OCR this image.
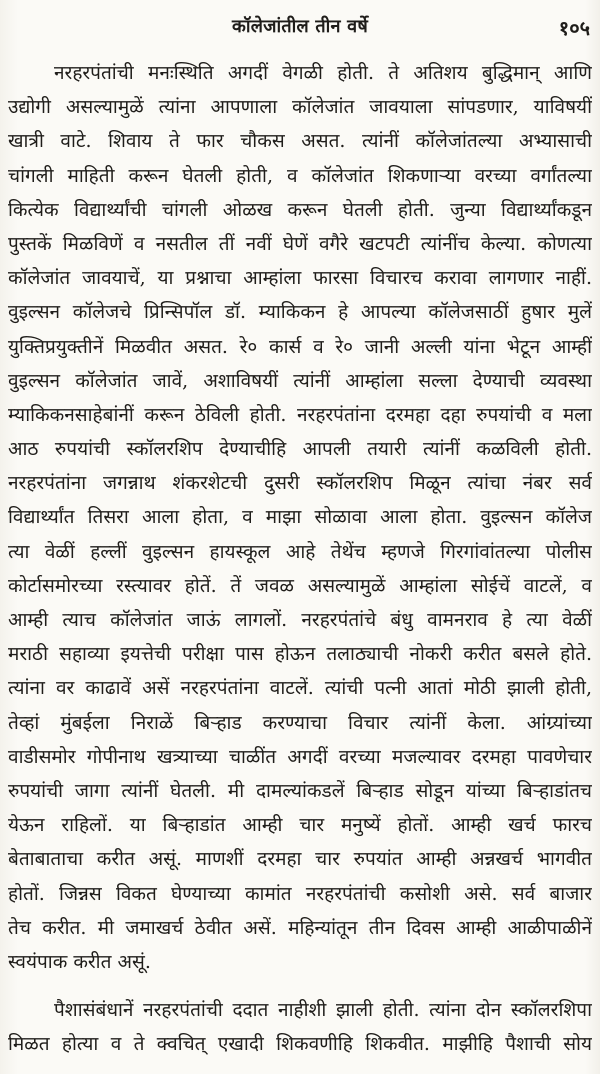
कॉलेजांतील तीन वर्षे	१०५
नरहरपंतांची मनःस्थिति अगदीं वेगळी होती. ते अतिशय बुद्धिमान् आणि
उद्योगी असल्यामुळें त्यांना आपणाला कॉलेजांत जावयाला सांपडणार, याविषयीं
खात्री वाटे. शिवाय ते फार चौकस असत. त्यांनीं कॉलेजांतल्या अभ्यासाची
चांगली माहिती करून घेतली होती, व कॉलेजांत शिकणाऱ्या वरच्या वर्गांतल्या
कित्येक विद्यार्थ्यांची चांगली ओळख करून घेतली होती. जुन्या विद्यार्थ्यांकडून
पुस्तकें मिळविणें व नसतील तीं नवीं घेणें वगैरे खटपटी त्यांनींच केल्या. कोणत्या
कॉलेजांत जावयाचें, या प्रश्नाचा आम्हांला फारसा विचारच करावा लागणार नाहीं.
वुइल्सन कॉलेजचे प्रिन्सिपॉल डॉ. म्याकिकन हे आपल्या कॉलेजसाठीं हुषार मुलें
युक्तिप्रयुक्तीनें मिळवीत असत. रे० कार्स व रे० जानी अल्ली यांना भेटून आम्हीं
वुइल्सन कॉलेजांत जावें, अशाविषयीं त्यांनीं आम्हांला सल्ला देण्याची व्यवस्था
म्याकिकनसाहेबांनीं करून ठेविली होती. नरहरपंतांना दरमहा दहा रुपयांची व मला
आठ रुपयांची स्कॉलरशिप देण्याचीहि आपली तयारी त्यांनीं कळविली होती.
नरहरपंतांना जगन्नाथ शंकरशेटची दुसरी स्कॉलरशिप मिळून त्यांचा नंबर सर्व
विद्यार्थ्यांत तिसरा आला होता, व माझा सोळावा आला होता. वुइल्सन कॉलेज
त्या वेळीं हल्लीं वुइल्सन हायस्कूल आहे तेथेंच म्हणजे गिरगांवांतल्या पोलीस
कोर्टासमोरच्या रस्त्यावर होतें. तें जवळ असल्यामुळें आम्हांला सोईचें वाटलें, व
आम्ही त्याच कॉलेजांत जाऊं लागलों. नरहरपंतांचे बंधु वामनराव हे त्या वेळीं
मराठी सहाव्या इयत्तेची परीक्षा पास होऊन तलाठ्याची नोकरी करीत बसले होते.
त्यांना वर काढावें असें नरहरपंतांना वाटलें. त्यांची पत्नी आतां मोठी झाली होती,
तेव्हां मुंबईला निराळें बिऱ्हाड करण्याचा विचार त्यांनीं केला. आंग्र्यांच्या
वाडीसमोर गोपीनाथ खत्र्याच्या चाळींत अगदीं वरच्या मजल्यावर दरमहा पावणेचार
रुपयांची जागा त्यांनीं घेतली. मी दामल्यांकडलें बिऱ्हाड सोडून यांच्या बिऱ्हाडांतच
येऊन राहिलों. या बिऱ्हाडांत आम्ही चार मनुष्यें होतों. आम्ही खर्च फारच
बेताबाताचा करीत असूं. माणशीं दरमहा चार रुपयांत आम्ही अन्नखर्च भागवीत
होतों. जिन्नस विकत घेण्याच्या कामांत नरहरपंतांची कसोशी असे. सर्व बाजार
तेच करीत. मी जमाखर्च ठेवीत असें. महिन्यांतून तीन दिवस आम्ही आळीपाळीनें
स्वयंपाक करीत असूं.
पैशासंबंधानें नरहरपंतांची ददात नाहीशी झाली होती. त्यांना दोन स्कॉलरशिपा
मिळत होत्या व ते क्वचित् एखादी शिकवणीहि शिकवीत. माझीहि पैशाची सोय
